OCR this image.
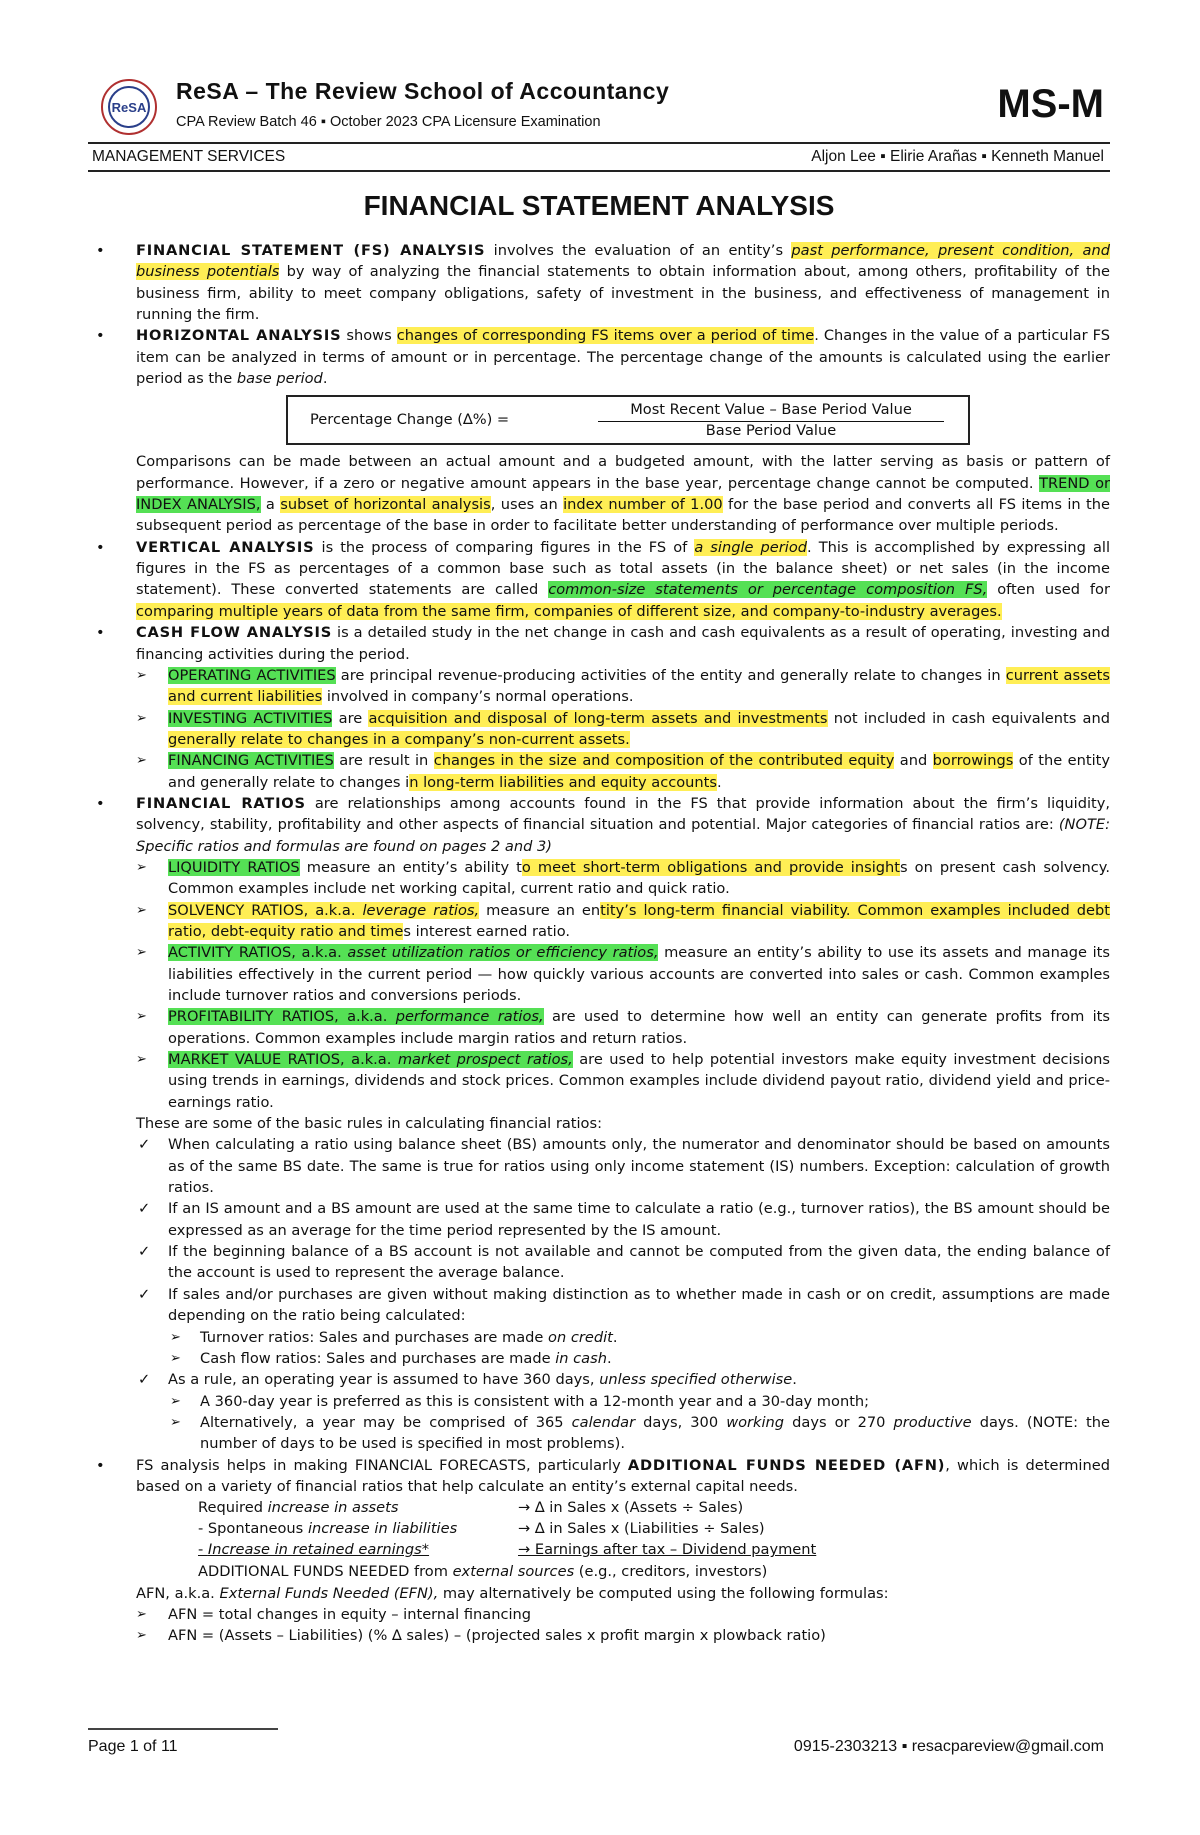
ReSA
ReSA – The Review School of Accountancy
CPA Review Batch 46 ▪ October 2023 CPA Licensure Examination	MS-M
MANAGEMENT SERVICES	Aljon Lee ▪ Elirie Arañas ▪ Kenneth Manuel
FINANCIAL STATEMENT ANALYSIS

• FINANCIAL STATEMENT (FS) ANALYSIS involves the evaluation of an entity’s past performance, present condition, and business potentials by way of analyzing the financial statements to obtain information about, among others, profitability of the business firm, ability to meet company obligations, safety of investment in the business, and effectiveness of management in running the firm.

• HORIZONTAL ANALYSIS shows changes of corresponding FS items over a period of time. Changes in the value of a particular FS item can be analyzed in terms of amount or in percentage. The percentage change of the amounts is calculated using the earlier period as the base period.

Percentage Change (∆%) =
Most Recent Value – Base Period Value
Base Period Value

Comparisons can be made between an actual amount and a budgeted amount, with the latter serving as basis or pattern of performance. However, if a zero or negative amount appears in the base year, percentage change cannot be computed. TREND or INDEX ANALYSIS, a subset of horizontal analysis, uses an index number of 1.00 for the base period and converts all FS items in the subsequent period as percentage of the base in order to facilitate better understanding of performance over multiple periods.

• VERTICAL ANALYSIS is the process of comparing figures in the FS of a single period. This is accomplished by expressing all figures in the FS as percentages of a common base such as total assets (in the balance sheet) or net sales (in the income statement). These converted statements are called common-size statements or percentage composition FS, often used for comparing multiple years of data from the same firm, companies of different size, and company-to-industry averages.

• CASH FLOW ANALYSIS is a detailed study in the net change in cash and cash equivalents as a result of operating, investing and financing activities during the period.

➢ OPERATING ACTIVITIES are principal revenue-producing activities of the entity and generally relate to changes in current assets and current liabilities involved in company’s normal operations.

➢ INVESTING ACTIVITIES are acquisition and disposal of long-term assets and investments not included in cash equivalents and generally relate to changes in a company’s non-current assets.

➢ FINANCING ACTIVITIES are result in changes in the size and composition of the contributed equity and borrowings of the entity and generally relate to changes in long-term liabilities and equity accounts.

• FINANCIAL RATIOS are relationships among accounts found in the FS that provide information about the firm’s liquidity, solvency, stability, profitability and other aspects of financial situation and potential. Major categories of financial ratios are: (NOTE: Specific ratios and formulas are found on pages 2 and 3)

➢ LIQUIDITY RATIOS measure an entity’s ability to meet short-term obligations and provide insights on present cash solvency. Common examples include net working capital, current ratio and quick ratio.

➢ SOLVENCY RATIOS, a.k.a. leverage ratios, measure an entity’s long-term financial viability. Common examples included debt ratio, debt-equity ratio and times interest earned ratio.

➢ ACTIVITY RATIOS, a.k.a. asset utilization ratios or efficiency ratios, measure an entity’s ability to use its assets and manage its liabilities effectively in the current period — how quickly various accounts are converted into sales or cash. Common examples include turnover ratios and conversions periods.

➢ PROFITABILITY RATIOS, a.k.a. performance ratios, are used to determine how well an entity can generate profits from its operations. Common examples include margin ratios and return ratios.

➢ MARKET VALUE RATIOS, a.k.a. market prospect ratios, are used to help potential investors make equity investment decisions using trends in earnings, dividends and stock prices. Common examples include dividend payout ratio, dividend yield and price-earnings ratio.

These are some of the basic rules in calculating financial ratios:

✓ When calculating a ratio using balance sheet (BS) amounts only, the numerator and denominator should be based on amounts as of the same BS date. The same is true for ratios using only income statement (IS) numbers. Exception: calculation of growth ratios.

✓ If an IS amount and a BS amount are used at the same time to calculate a ratio (e.g., turnover ratios), the BS amount should be expressed as an average for the time period represented by the IS amount.

✓ If the beginning balance of a BS account is not available and cannot be computed from the given data, the ending balance of the account is used to represent the average balance.

✓ If sales and/or purchases are given without making distinction as to whether made in cash or on credit, assumptions are made depending on the ratio being calculated:

➢ Turnover ratios: Sales and purchases are made on credit.

➢ Cash flow ratios: Sales and purchases are made in cash.

✓ As a rule, an operating year is assumed to have 360 days, unless specified otherwise.

➢ A 360-day year is preferred as this is consistent with a 12-month year and a 30-day month;

➢ Alternatively, a year may be comprised of 365 calendar days, 300 working days or 270 productive days. (NOTE: the number of days to be used is specified in most problems).

• FS analysis helps in making FINANCIAL FORECASTS, particularly ADDITIONAL FUNDS NEEDED (AFN), which is determined based on a variety of financial ratios that help calculate an entity’s external capital needs.

Required increase in assets	→ ∆ in Sales x (Assets ÷ Sales)
- Spontaneous increase in liabilities	→ ∆ in Sales x (Liabilities ÷ Sales)
- Increase in retained earnings*	→ Earnings after tax – Dividend payment

ADDITIONAL FUNDS NEEDED from external sources (e.g., creditors, investors)

AFN, a.k.a. External Funds Needed (EFN), may alternatively be computed using the following formulas:

➢ AFN = total changes in equity – internal financing

➢ AFN = (Assets – Liabilities) (% ∆ sales) – (projected sales x profit margin x plowback ratio)

Page 1 of 11	0915-2303213 ▪ resacpareview@gmail.com
